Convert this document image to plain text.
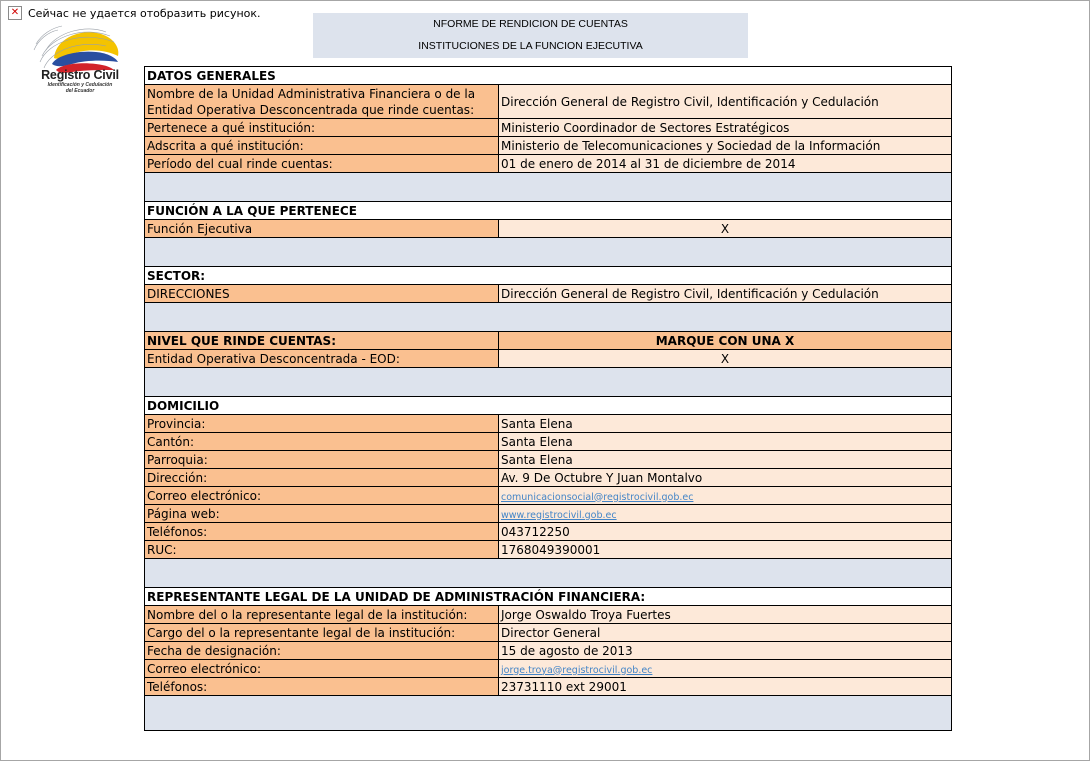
✕ Сейчас не удается отобразить рисунок.
Registro Civil
Identificación y Cedulación
del Ecuador
NFORME DE RENDICION DE CUENTAS
INSTITUCIONES DE LA FUNCION EJECUTIVA
DATOS GENERALES	
Nombre de la Unidad Administrativa Financiera o de la Entidad Operativa Desconcentrada que rinde cuentas:	Dirección General de Registro Civil, Identificación y Cedulación
Pertenece a qué institución:	Ministerio Coordinador de Sectores Estratégicos
Adscrita a qué institución:	Ministerio de Telecomunicaciones y Sociedad de la Información
Período del cual rinde cuentas:	01 de enero de 2014 al 31 de diciembre de 2014

FUNCIÓN A LA QUE PERTENECE	
Función Ejecutiva	X

SECTOR:	
DIRECCIONES	Dirección General de Registro Civil, Identificación y Cedulación

NIVEL QUE RINDE CUENTAS:	MARQUE CON UNA X
Entidad Operativa Desconcentrada - EOD:	X

DOMICILIO	
Provincia:	Santa Elena
Cantón:	Santa Elena
Parroquia:	Santa Elena
Dirección:	Av. 9 De Octubre Y Juan Montalvo
Correo electrónico:	comunicacionsocial@registrocivil.gob.ec
Página web:	www.registrocivil.gob.ec
Teléfonos:	043712250
RUC:	1768049390001

REPRESENTANTE LEGAL DE LA UNIDAD DE ADMINISTRACIÓN FINANCIERA:	
Nombre del o la representante legal de la institución:	Jorge Oswaldo Troya Fuertes
Cargo del o la representante legal de la institución:	Director General
Fecha de designación:	15 de agosto de 2013
Correo electrónico:	jorge.troya@registrocivil.gob.ec
Teléfonos:	23731110 ext 29001
